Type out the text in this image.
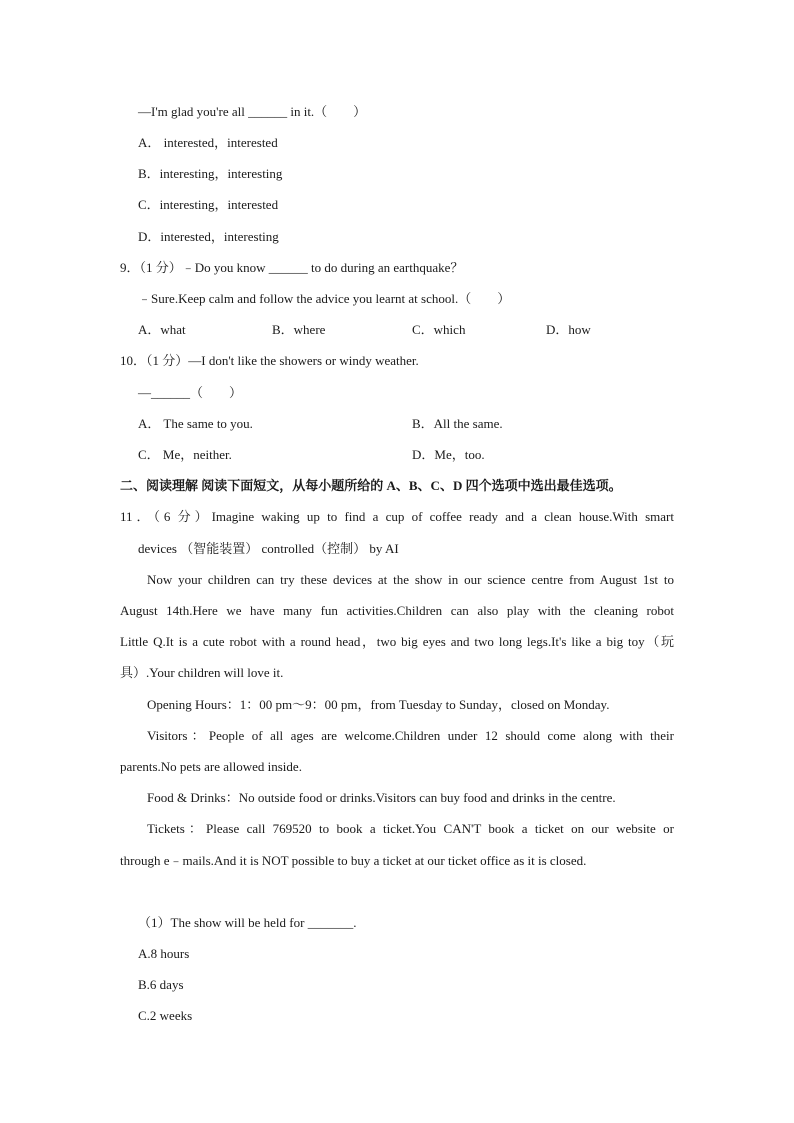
—I'm glad you're all ______ in it.（　　）
A． interested，interested
B．interesting，interesting
C．interesting，interested
D．interested，interesting
9．（1 分）﹣Do you know ______ to do during an earthquake？
﹣Sure.Keep calm and follow the advice you learnt at school.（　　）
A．what	B．where	C．which	D．how
10．（1 分）—I don't like the showers or windy weather.
—______（　　）
A． The same to you.	B．All the same.
C． Me，neither.	D．Me，too.
二、阅读理解 阅读下面短文，从每小题所给的 A、B、C、D 四个选项中选出最佳选项。
11．（6 分）Imagine waking up to find a cup of coffee ready and a clean house.With smart
devices （智能装置） controlled（控制） by AI
Now your children can try these devices at the show in our science centre from August 1st to
August 14th.Here we have many fun activities.Children can also play with the cleaning robot
Little Q.It is a cute robot with a round head，two big eyes and two long legs.It's like a big toy（玩
具）.Your children will love it.
Opening Hours：1：00 pm～9：00 pm，from Tuesday to Sunday，closed on Monday.
Visitors：People of all ages are welcome.Children under 12 should come along with their
parents.No pets are allowed inside.
Food & Drinks：No outside food or drinks.Visitors can buy food and drinks in the centre.
Tickets：Please call 769520 to book a ticket.You CAN'T book a ticket on our website or
through e﹣mails.And it is NOT possible to buy a ticket at our ticket office as it is closed.
（1）The show will be held for _______.
A.8 hours
B.6 days
C.2 weeks
